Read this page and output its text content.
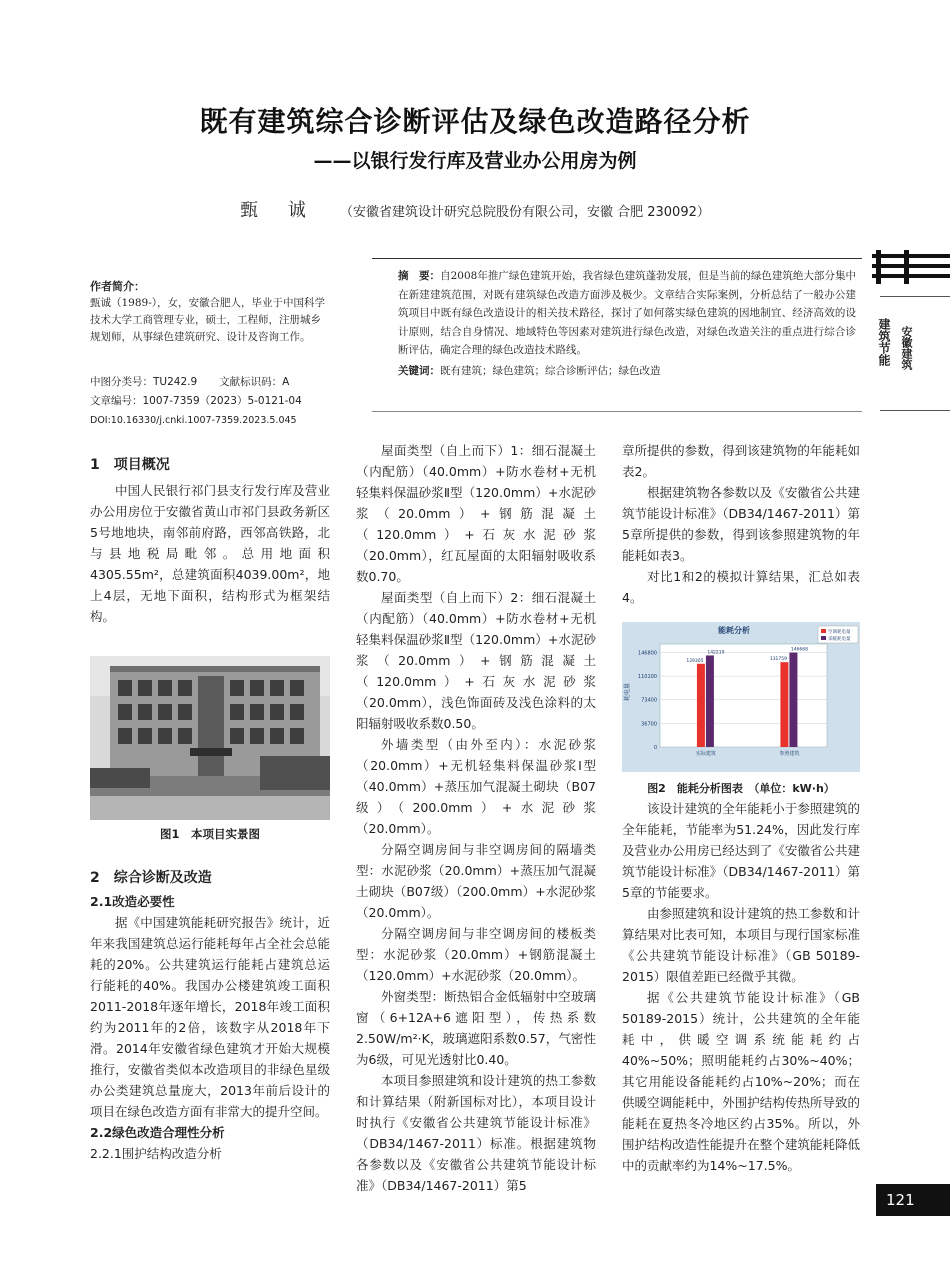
既有建筑综合诊断评估及绿色改造路径分析
——以银行发行库及营业办公用房为例
甄 诚 （安徽省建筑设计研究总院股份有限公司，安徽 合肥 230092）
作者简介：
甄诚（1989-），女，安徽合肥人，毕业于中国科学技术大学工商管理专业，硕士，工程师，注册城乡规划师，从事绿色建筑研究、设计及咨询工作。
中图分类号：TU242.9 文献标识码：A
文章编号：1007-7359（2023）5-0121-04
DOI:10.16330/j.cnki.1007-7359.2023.5.045
摘　要：自2008年推广绿色建筑开始，我省绿色建筑蓬勃发展，但是当前的绿色建筑绝大部分集中在新建建筑范围，对既有建筑绿色改造方面涉及极少。文章结合实际案例，分析总结了一般办公建筑项目中既有绿色改造设计的相关技术路径，探讨了如何落实绿色建筑的因地制宜、经济高效的设计原则，结合自身情况、地域特色等因素对建筑进行绿色改造，对绿色改造关注的重点进行综合诊断评估，确定合理的绿色改造技术路线。
关键词：既有建筑；绿色建筑；综合诊断评估；绿色改造
建筑节能 安徽建筑
1　项目概况

中国人民银行祁门县支行发行库及营业办公用房位于安徽省黄山市祁门县政务新区5号地地块，南邻前府路，西邻高铁路，北与县地税局毗邻。总用地面积4305.55m²，总建筑面积4039.00m²，地上4层，无地下面积，结构形式为框架结构。

图1　本项目实景图
2　综合诊断及改造
2.1改造必要性

据《中国建筑能耗研究报告》统计，近年来我国建筑总运行能耗每年占全社会总能耗的20%。公共建筑运行能耗占建筑总运行能耗的40%。我国办公楼建筑竣工面积2011-2018年逐年增长，2018年竣工面积约为2011年的2倍，该数字从2018年下滑。2014年安徽省绿色建筑才开始大规模推行，安徽省类似本改造项目的非绿色星级办公类建筑总量庞大，2013年前后设计的项目在绿色改造方面有非常大的提升空间。

2.2绿色改造合理性分析
2.2.1围护结构改造分析

屋面类型（自上而下）1：细石混凝土（内配筋）（40.0mm）+防水卷材+无机轻集料保温砂浆Ⅱ型（120.0mm）+水泥砂浆（20.0mm）+钢筋混凝土（120.0mm）+石灰水泥砂浆（20.0mm），红瓦屋面的太阳辐射吸收系数0.70。

屋面类型（自上而下）2：细石混凝土（内配筋）（40.0mm）+防水卷材+无机轻集料保温砂浆Ⅱ型（120.0mm）+水泥砂浆（20.0mm）+钢筋混凝土（120.0mm）+石灰水泥砂浆（20.0mm），浅色饰面砖及浅色涂料的太阳辐射吸收系数0.50。

外墙类型（由外至内）：水泥砂浆（20.0mm）+无机轻集料保温砂浆Ⅰ型（40.0mm）+蒸压加气混凝土砌块（B07级）（200.0mm）+水泥砂浆（20.0mm）。

分隔空调房间与非空调房间的隔墙类型：水泥砂浆（20.0mm）+蒸压加气混凝土砌块（B07级）（200.0mm）+水泥砂浆（20.0mm）。

分隔空调房间与非空调房间的楼板类型：水泥砂浆（20.0mm）+钢筋混凝土（120.0mm）+水泥砂浆（20.0mm）。

外窗类型：断热铝合金低辐射中空玻璃窗（6+12A+6遮阳型），传热系数2.50W/m²·K，玻璃遮阳系数0.57，气密性为6级，可见光透射比0.40。

本项目参照建筑和设计建筑的热工参数和计算结果（附新国标对比），本项目设计时执行《安徽省公共建筑节能设计标准》（DB34/1467-2011）标准。根据建筑物各参数以及《安徽省公共建筑节能设计标准》（DB34/1467-2011）第5

章所提供的参数，得到该建筑物的年能耗如表2。

根据建筑物各参数以及《安徽省公共建筑节能设计标准》（DB34/1467-2011）第5章所提供的参数，得到该参照建筑物的年能耗如表3。

对比1和2的模拟计算结果，汇总如表4。

能耗分析	空调耗电量
采暖耗电量
耗电量
0
36700
73400
110100
146800
129305
142219
131759
146668
实际建筑	参照建筑
图2　能耗分析图表　（单位：kW·h）

该设计建筑的全年能耗小于参照建筑的全年能耗，节能率为51.24%，因此发行库及营业办公用房已经达到了《安徽省公共建筑节能设计标准》（DB34/1467-2011）第5章的节能要求。

由参照建筑和设计建筑的热工参数和计算结果对比表可知，本项目与现行国家标准《公共建筑节能设计标准》（GB 50189-2015）限值差距已经微乎其微。

据《公共建筑节能设计标准》（GB 50189-2015）统计，公共建筑的全年能耗中，供暖空调系统能耗约占40%~50%；照明能耗约占30%~40%；其它用能设备能耗约占10%~20%；而在供暖空调能耗中，外围护结构传热所导致的能耗在夏热冬冷地区约占35%。所以，外围护结构改造性能提升在整个建筑能耗降低中的贡献率约为14%~17.5%。

121
